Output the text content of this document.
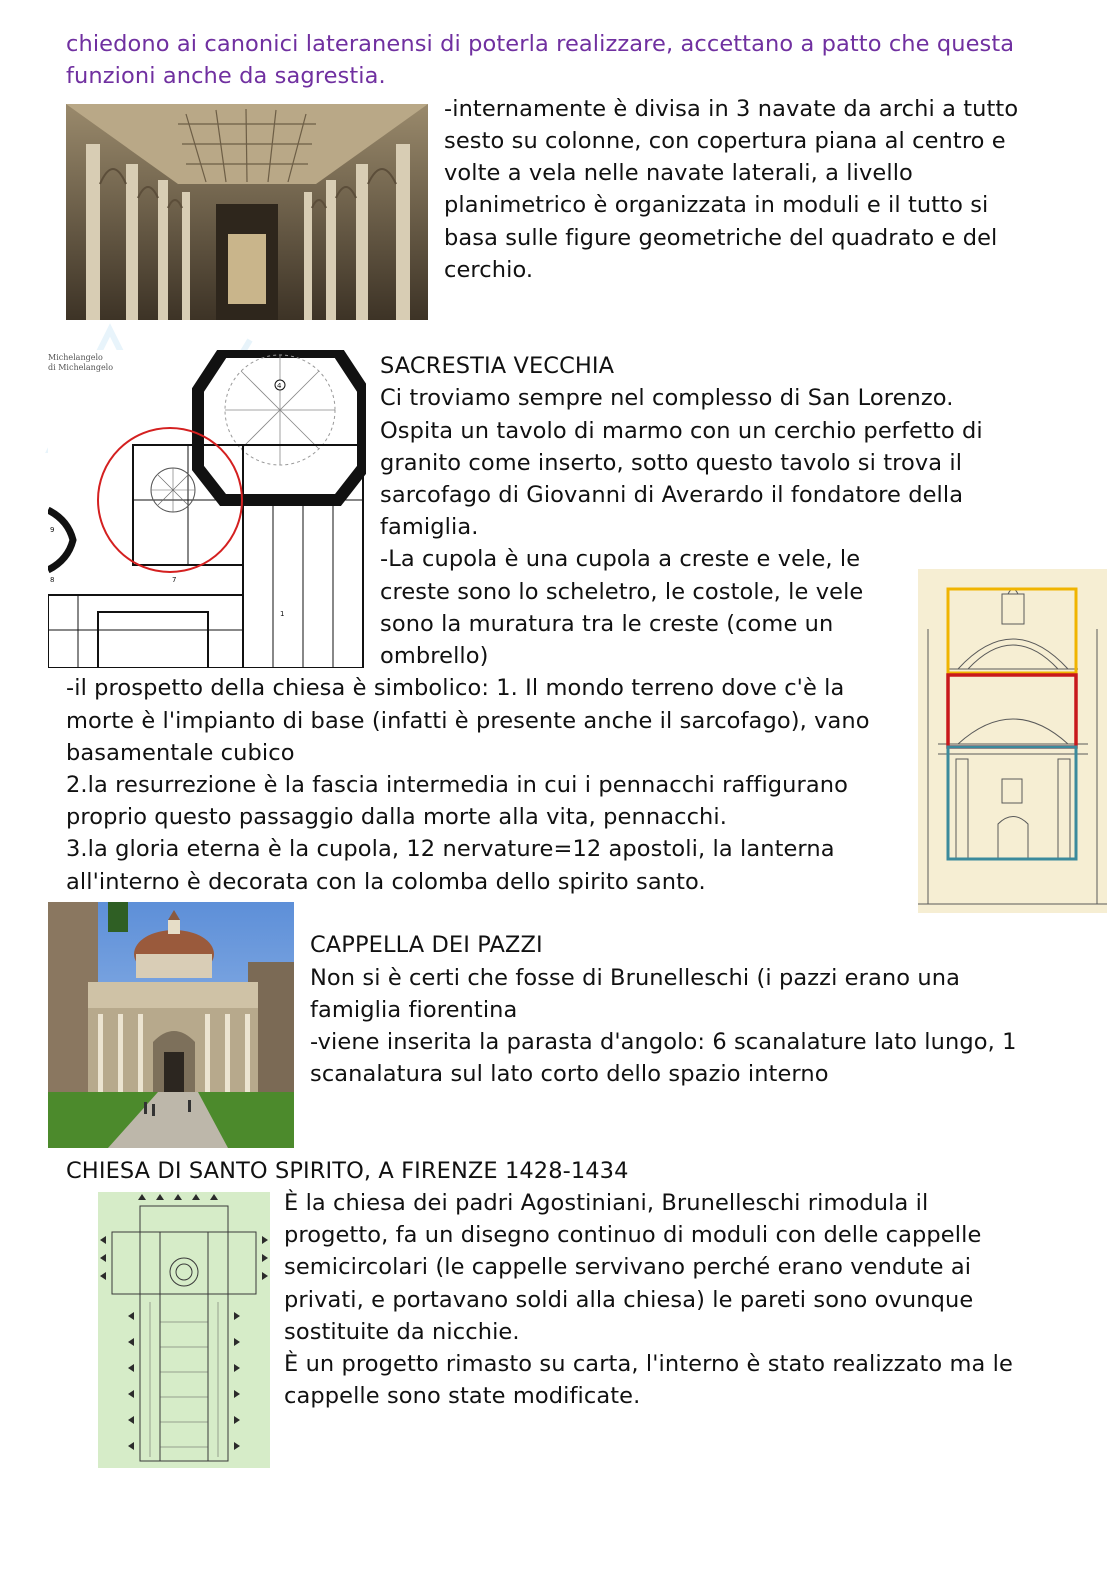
chiedono ai canonici lateranensi di poterla realizzare, accettano a patto che questa
funzioni anche da sagrestia.
-internamente è divisa in 3 navate da archi a tutto
sesto su colonne, con copertura piana al centro e
volte a vela nelle navate laterali, a livello
planimetrico è organizzata in moduli e il tutto si
basa sulle figure geometriche del quadrato e del
cerchio.
Michelangelo
di Michelangelo
4
9
8	7
1
SACRESTIA VECCHIA
Ci troviamo sempre nel complesso di San Lorenzo.
Ospita un tavolo di marmo con un cerchio perfetto di
granito come inserto, sotto questo tavolo si trova il
sarcofago di Giovanni di Averardo il fondatore della
famiglia.
-La cupola è una cupola a creste e vele, le
creste sono lo scheletro, le costole, le vele
sono la muratura tra le creste (come un
ombrello)
-il prospetto della chiesa è simbolico: 1. Il mondo terreno dove c'è la
morte è l'impianto di base (infatti è presente anche il sarcofago), vano
basamentale cubico
2.la resurrezione è la fascia intermedia in cui i pennacchi raffigurano
proprio questo passaggio dalla morte alla vita, pennacchi.
3.la gloria eterna è la cupola, 12 nervature=12 apostoli, la lanterna
all'interno è decorata con la colomba dello spirito santo.
CAPPELLA DEI PAZZI
Non si è certi che fosse di Brunelleschi (i pazzi erano una
famiglia fiorentina
-viene inserita la parasta d'angolo: 6 scanalature lato lungo, 1
scanalatura sul lato corto dello spazio interno
CHIESA DI SANTO SPIRITO, A FIRENZE 1428-1434
È la chiesa dei padri Agostiniani, Brunelleschi rimodula il
progetto, fa un disegno continuo di moduli con delle cappelle
semicircolari (le cappelle servivano perché erano vendute ai
privati, e portavano soldi alla chiesa) le pareti sono ovunque
sostituite da nicchie.
È un progetto rimasto su carta, l'interno è stato realizzato ma le
cappelle sono state modificate.
